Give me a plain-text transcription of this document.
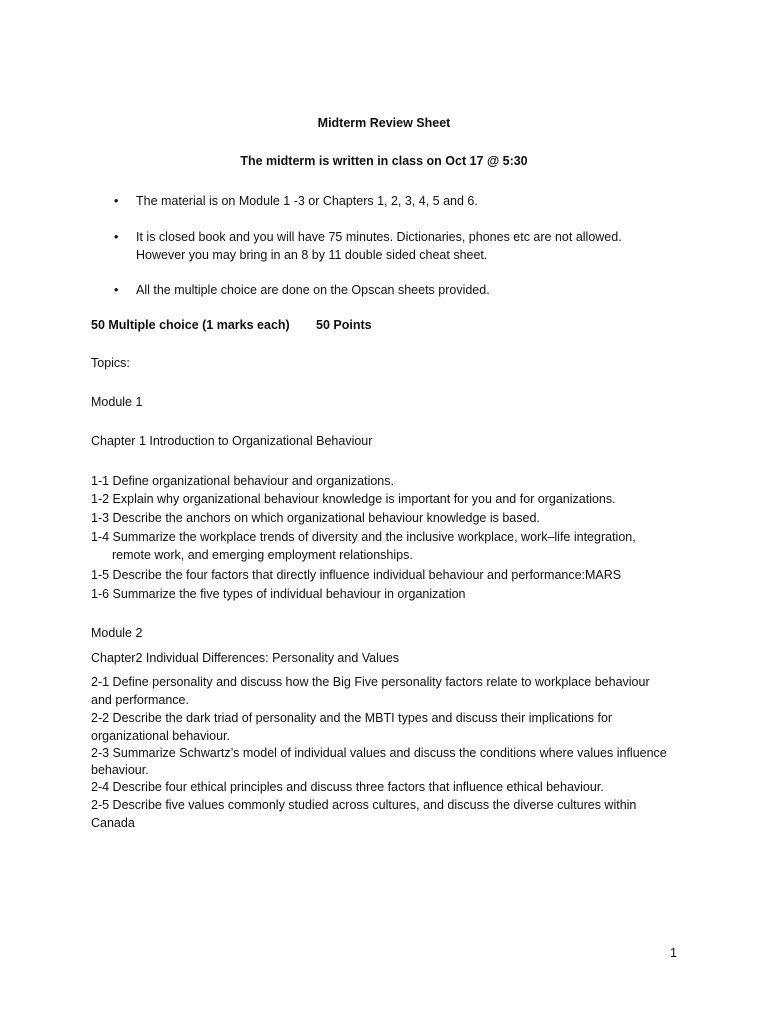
Midterm Review Sheet
The midterm is written in class on Oct 17 @ 5:30
•	The material is on Module 1 -3 or Chapters 1, 2, 3, 4, 5 and 6.
•	It is closed book and you will have 75 minutes. Dictionaries, phones etc are not allowed.
However you may bring in an 8 by 11 double sided cheat sheet.
•	All the multiple choice are done on the Opscan sheets provided.
50 Multiple choice (1 marks each) 50 Points
Topics:
Module 1
Chapter 1 Introduction to Organizational Behaviour
1-1 Define organizational behaviour and organizations.
1-2 Explain why organizational behaviour knowledge is important for you and for organizations.
1-3 Describe the anchors on which organizational behaviour knowledge is based.
1-4 Summarize the workplace trends of diversity and the inclusive workplace, work–life integration,
remote work, and emerging employment relationships.
1-5 Describe the four factors that directly influence individual behaviour and performance:MARS
1-6 Summarize the five types of individual behaviour in organization
Module 2
Chapter2 Individual Differences: Personality and Values
2-1 Define personality and discuss how the Big Five personality factors relate to workplace behaviour
and performance.
2-2 Describe the dark triad of personality and the MBTI types and discuss their implications for
organizational behaviour.
2-3 Summarize Schwartz’s model of individual values and discuss the conditions where values influence
behaviour.
2-4 Describe four ethical principles and discuss three factors that influence ethical behaviour.
2-5 Describe five values commonly studied across cultures, and discuss the diverse cultures within
Canada
1
